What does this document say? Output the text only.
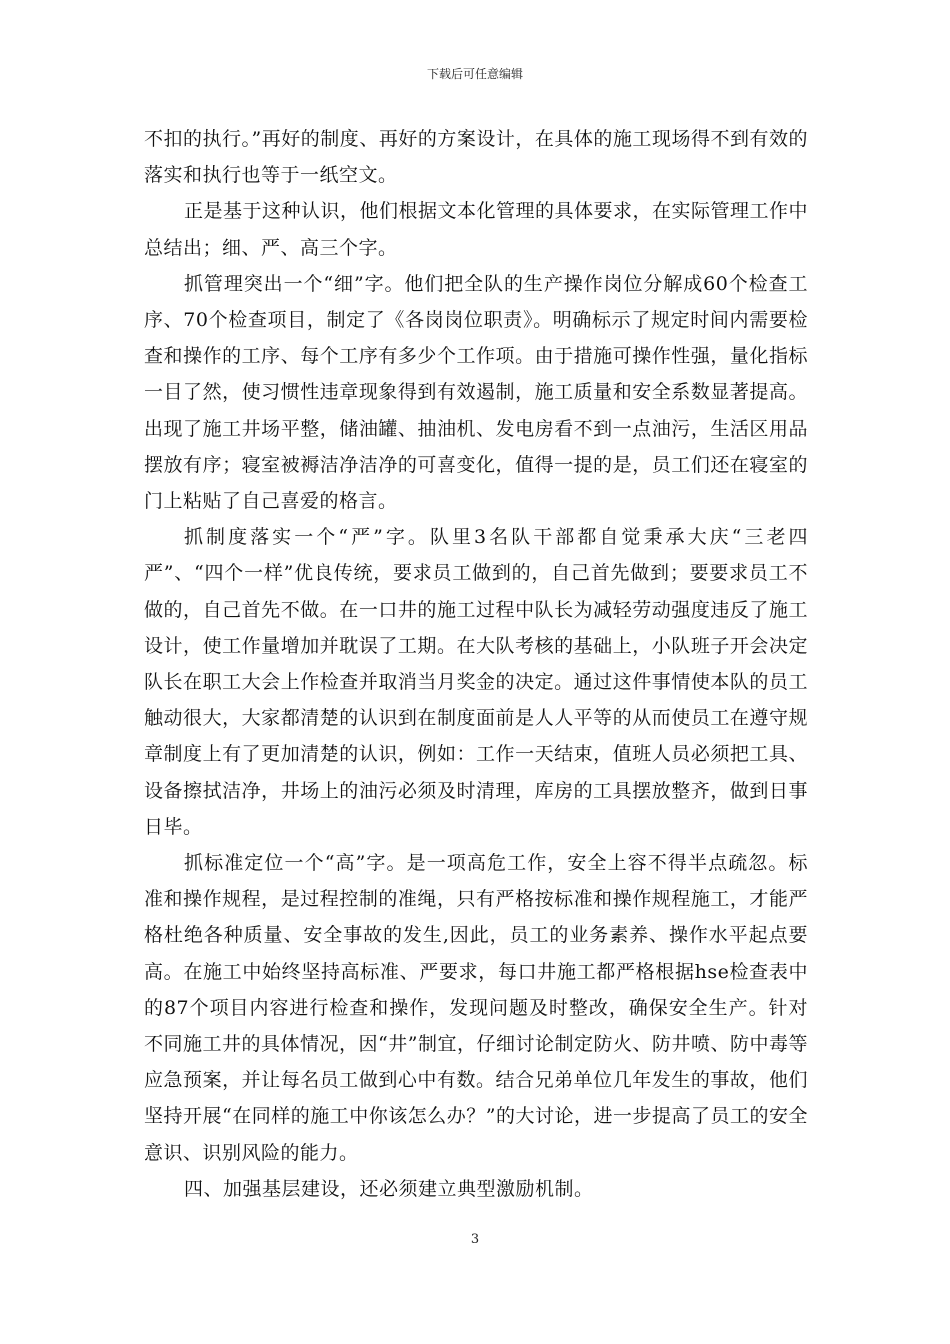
下载后可任意编辑

不扣的执行。”再好的制度、再好的方案设计，在具体的施工现场得不到有效的落实和执行也等于一纸空文。

正是基于这种认识，他们根据文本化管理的具体要求，在实际管理工作中总结出；细、严、高三个字。

抓管理突出一个“细”字。他们把全队的生产操作岗位分解成60个检查工序、70个检查项目，制定了《各岗岗位职责》。明确标示了规定时间内需要检查和操作的工序、每个工序有多少个工作项。由于措施可操作性强，量化指标一目了然，使习惯性违章现象得到有效遏制，施工质量和安全系数显著提高。出现了施工井场平整，储油罐、抽油机、发电房看不到一点油污，生活区用品摆放有序；寝室被褥洁净洁净的可喜变化，值得一提的是，员工们还在寝室的门上粘贴了自己喜爱的格言。

抓制度落实一个“严”字。队里3名队干部都自觉秉承大庆“三老四严”、“四个一样”优良传统，要求员工做到的，自己首先做到；要要求员工不做的，自己首先不做。在一口井的施工过程中队长为减轻劳动强度违反了施工设计，使工作量增加并耽误了工期。在大队考核的基础上，小队班子开会决定队长在职工大会上作检查并取消当月奖金的决定。通过这件事情使本队的员工触动很大，大家都清楚的认识到在制度面前是人人平等的从而使员工在遵守规章制度上有了更加清楚的认识，例如：工作一天结束，值班人员必须把工具、设备擦拭洁净，井场上的油污必须及时清理，库房的工具摆放整齐，做到日事日毕。

抓标准定位一个“高”字。是一项高危工作，安全上容不得半点疏忽。标准和操作规程，是过程控制的准绳，只有严格按标准和操作规程施工，才能严格杜绝各种质量、安全事故的发生,因此，员工的业务素养、操作水平起点要高。在施工中始终坚持高标准、严要求，每口井施工都严格根据hse检查表中的87个项目内容进行检查和操作，发现问题及时整改，确保安全生产。针对不同施工井的具体情况，因“井”制宜，仔细讨论制定防火、防井喷、防中毒等应急预案，并让每名员工做到心中有数。结合兄弟单位几年发生的事故，他们坚持开展“在同样的施工中你该怎么办？”的大讨论，进一步提高了员工的安全意识、识别风险的能力。

四、加强基层建设，还必须建立典型激励机制。

3
